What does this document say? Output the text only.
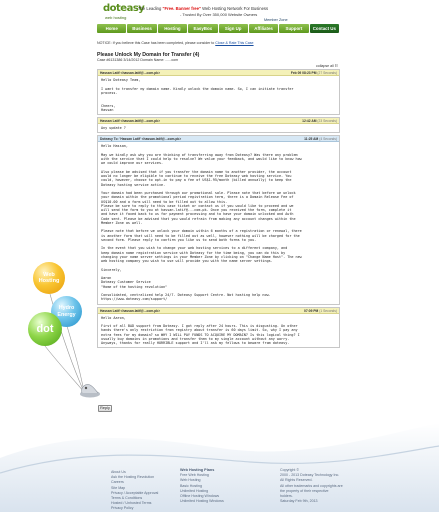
doteasy
web hosting
The Leading "Free. Banner free" Web Hosting Network For Business
- Trusted By Over 350,000 Website Owners
Member Zone
Home	Business	Hosting	EasyBox	Sign Up	Affiliates	Support	Contact Us
NOTICE: If you believe this Case has been completed, please consider to Close & Rate This Case
Please Unlock My Domain for Transfer (4)
Case #6131386 3/14/2012 Domain Name: ......com
collapse all ☷
Hassan Latif <hassan.latif@...com.pk>	Feb 09 08:23 PM (27 Seconds)
Hello Doteasy Team,

I want to transfer my domain name. Kindly unlock the domain name. So, I can initiate transfer
process.

Cheers,
Hassan
Hassan Latif <hassan.latif@...com.pk>	12:42 AM (23 Seconds)
Any update ?
Doteasy To: 'Hassan Latif' <hassan.latif@...com.pk>	11:25 AM (4 Seconds)
Hello Hassan,

May we kindly ask why you are thinking of transferring away from Doteasy? Was there any problem
with the service that I could help to resolve? We value your feedback, and would like to know how
we could improve our services.

Also please be advised that if you transfer the domain name to another provider, the account
would no longer be eligible to continue to receive the free Doteasy web hosting service. You
could, however, choose to opt-in to pay a fee of US$1.95/month (billed annually) to keep the
Doteasy hosting service active.

Your domain had been purchased through our promotional sale. Please note that before we unlock
your domain within the promotional period registration term, there is a Domain Release Fee of
US$10.00 and a form will need to be filled out to allow this.
Please be sure to reply to this case ticket or contact us if you would like to proceed and we
will send the form to you at hassan.latif@...com.pk. Once you received the form, complete it
and have it faxed back to us for payment processing and to have your domain unlocked and Auth
Code sent. Please be advised that you would refrain from making any account changes within the
Member Zone as well.

Please note that before we unlock your domain within 6 months of a registration or renewal, there
is another form that will need to be filled out as well, however nothing will be charged for the
second form. Please reply to confirm you like us to send both forms to you.

In the event that you wish to change your web hosting services to a different company, and
keep domain name registration service with Doteasy for the time being, you can do this by
changing your name server settings in your Member Zone by clicking on "Change Name Host". The new
web hosting company you wish to use will provide you with the name server settings.

Sincerely,

Aaron
Doteasy Customer Service
"Home of the hosting revolution"

Consolidated, centralized help 24/7. Doteasy Support Centre. Not hosting help now.
https://www.doteasy.com/support/
Hassan Latif <hassan.latif@...com.pk>	07:09 PM (1 Seconds)
Hello Aaron,

First of all BAD support from Doteasy. I got reply after 24 hours. This is disgusting. On other
hands there's only restriction from registry about transfer is 60 days limit. So, why I pay any
extra fees for my domain? so WHY I WILL PAY FUNDS TO ACQUIRE MY DOMAIN? Is this logical thing? I
usually buy domains in promotions and transfer them to my single account without any worry.
Anyways, thanks for really HORRIBLE support and I'll ask my fellows to beware from doteasy.
Reply
Web Hosting
Hydro Energy
dot
About Us
Ask the Hosting Revolution
Careers
Site Map
Privacy / Acceptable Approval
Terms & Conditions
Hosted / Unhosted Terms
Privacy Policy
Web Hosting Plans
Free Web Hosting
Web Hosting
Basic Hosting
Unlimited Hosting
Offline Hosting Windows
Unlimited Hosting Windows
Copyright ©
2000 - 2013 Doteasy Technology Inc.
All Rights Reserved.
All other trademarks and copyrights are
the property of their respective
holders.
Saturday Feb 9th, 2013
